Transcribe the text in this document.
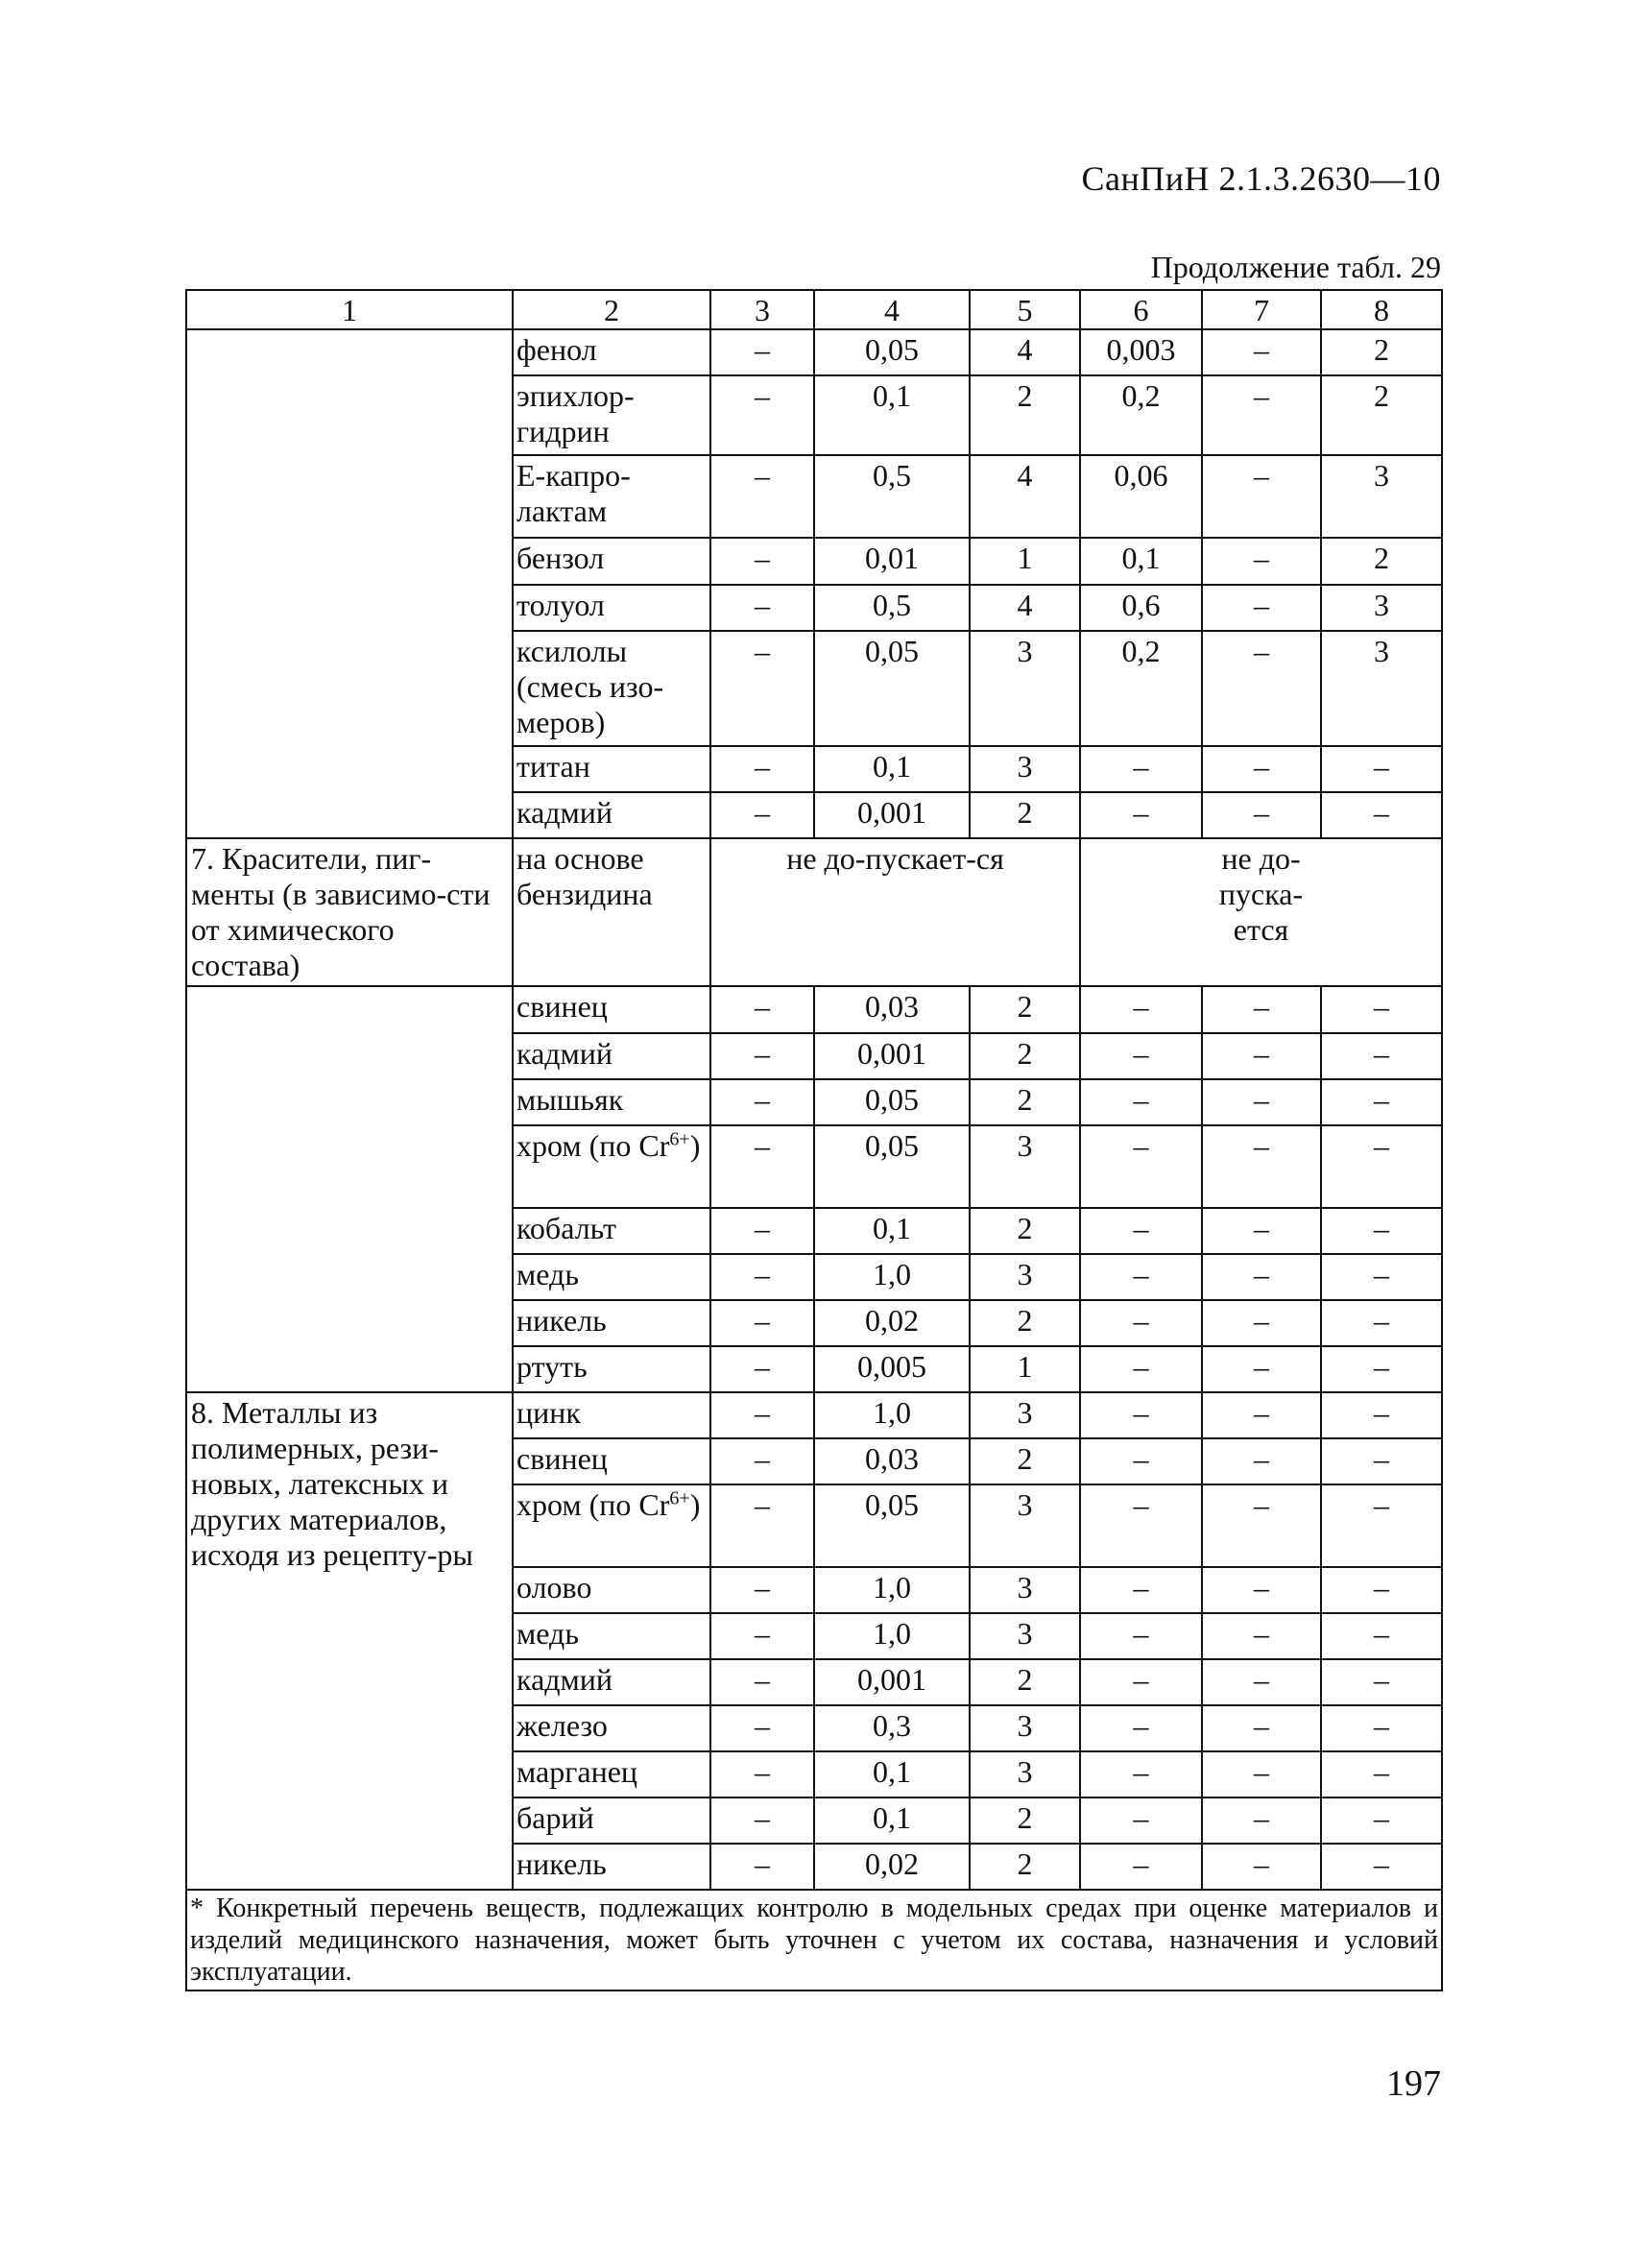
СанПиН 2.1.3.2630—10
Продолжение табл. 29
1	2	3	4	5	6	7	8
	фенол	–	0,05	4	0,003	–	2
	эпихлор-гидрин	–	0,1	2	0,2	–	2
	Е-капро-лактам	–	0,5	4	0,06	–	3
	бензол	–	0,01	1	0,1	–	2
	толуол	–	0,5	4	0,6	–	3
	ксилолы (смесь изо-меров)	–	0,05	3	0,2	–	3
	титан	–	0,1	3	–	–	–
	кадмий	–	0,001	2	–	–	–
7. Красители, пиг-менты (в зависимо-сти от химического состава)	на основе бензидина	не до-пускает-ся			не до-пуска-ется		
	свинец	–	0,03	2	–	–	–
	кадмий	–	0,001	2	–	–	–
	мышьяк	–	0,05	2	–	–	–
	хром (по $Cr^{6+}$)	–	0,05	3	–	–	–
	кобальт	–	0,1	2	–	–	–
	медь	–	1,0	3	–	–	–
	никель	–	0,02	2	–	–	–
	ртуть	–	0,005	1	–	–	–
8. Металлы из полимерных, рези-новых, латексных и других материалов, исходя из рецепту-ры	цинк	–	1,0	3	–	–	–
	свинец	–	0,03	2	–	–	–
	хром (по $Cr^{6+}$)	–	0,05	3	–	–	–
	олово	–	1,0	3	–	–	–
	медь	–	1,0	3	–	–	–
	кадмий	–	0,001	2	–	–	–
	железо	–	0,3	3	–	–	–
	марганец	–	0,1	3	–	–	–
	барий	–	0,1	2	–	–	–
	никель	–	0,02	2	–	–	–
* Конкретный перечень веществ, подлежащих контролю в модельных средах при оценке материалов и изделий медицинского назначения, может быть уточнен с учетом их состава, назначения и условий эксплуатации.							
197
